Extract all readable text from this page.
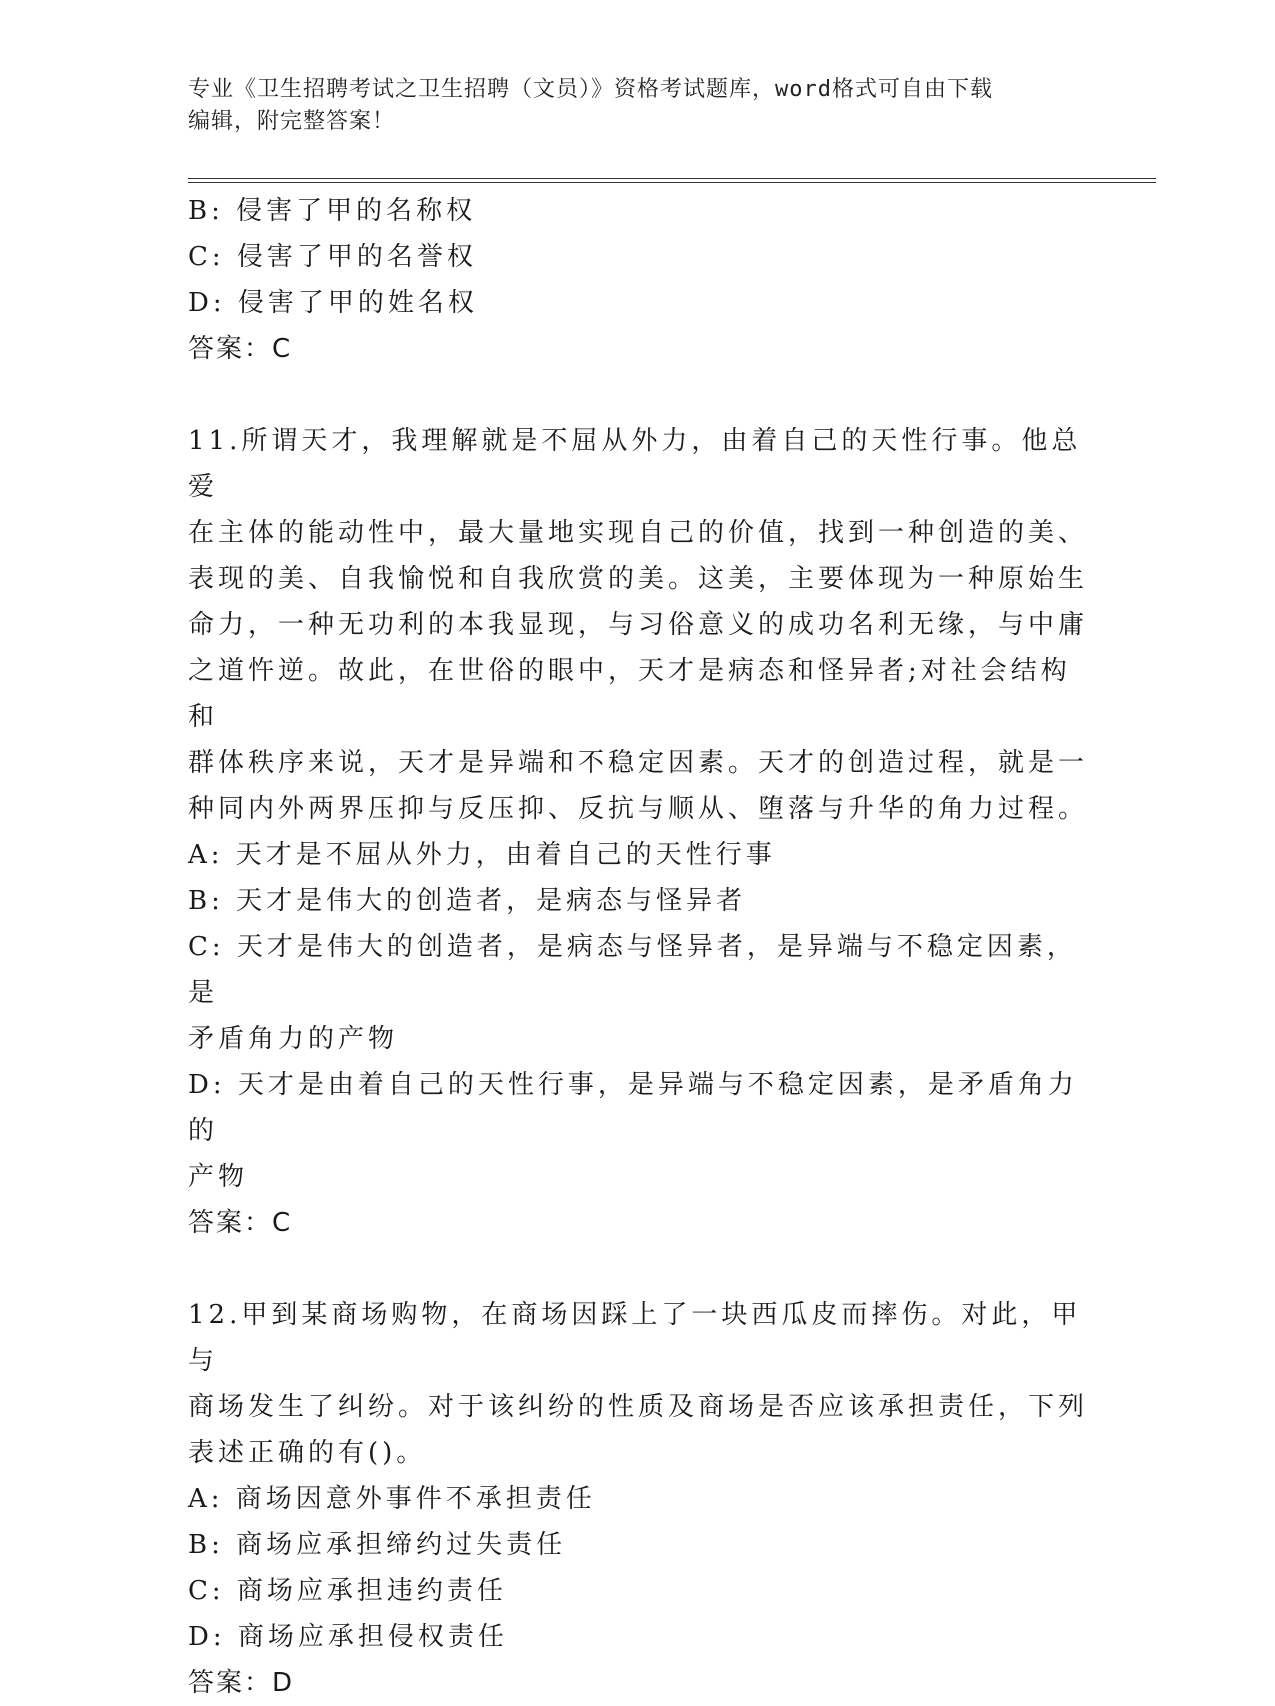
专业《卫生招聘考试之卫生招聘（文员）》资格考试题库，word格式可自由下载
编辑，附完整答案！
B: 侵害了甲的名称权
C: 侵害了甲的名誉权
D: 侵害了甲的姓名权
答案：C
11.所谓天才，我理解就是不屈从外力，由着自己的天性行事。他总爱
在主体的能动性中，最大量地实现自己的价值，找到一种创造的美、
表现的美、自我愉悦和自我欣赏的美。这美，主要体现为一种原始生
命力，一种无功利的本我显现，与习俗意义的成功名利无缘，与中庸
之道忤逆。故此，在世俗的眼中，天才是病态和怪异者;对社会结构和
群体秩序来说，天才是异端和不稳定因素。天才的创造过程，就是一
种同内外两界压抑与反压抑、反抗与顺从、堕落与升华的角力过程。
A: 天才是不屈从外力，由着自己的天性行事
B: 天才是伟大的创造者，是病态与怪异者
C: 天才是伟大的创造者，是病态与怪异者，是异端与不稳定因素，是
矛盾角力的产物
D: 天才是由着自己的天性行事，是异端与不稳定因素，是矛盾角力的
产物
答案：C
12.甲到某商场购物，在商场因踩上了一块西瓜皮而摔伤。对此，甲与
商场发生了纠纷。对于该纠纷的性质及商场是否应该承担责任，下列
表述正确的有()。
A: 商场因意外事件不承担责任
B: 商场应承担缔约过失责任
C: 商场应承担违约责任
D: 商场应承担侵权责任
答案：D
